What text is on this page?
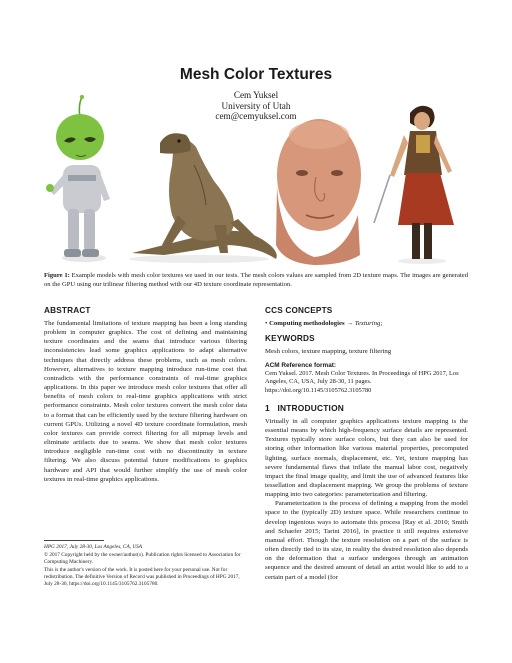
Mesh Color Textures
Cem Yuksel
University of Utah
cem@cemyuksel.com
Figure 1: Example models with mesh color textures we used in our tests. The mesh colors values are sampled from 2D texture maps. The images are generated on the GPU using our trilinear filtering method with our 4D texture coordinate representation.
ABSTRACT

The fundamental limitations of texture mapping has been a long standing problem in computer graphics. The cost of defining and maintaining texture coordinates and the seams that introduce various filtering inconsistencies lead some graphics applications to adapt alternative techniques that directly address these problems, such as mesh colors. However, alternatives to texture mapping introduce run-time cost that contradicts with the performance constraints of real-time graphics applications. In this paper we introduce mesh color textures that offer all benefits of mesh colors to real-time graphics applications with strict performance constraints. Mesh color textures convert the mesh color data to a format that can be efficiently used by the texture filtering hardware on current GPUs. Utilizing a novel 4D texture coordinate formulation, mesh color textures can provide correct filtering for all mipmap levels and eliminate artifacts due to seams. We show that mesh color textures introduce negligible run-time cost with no discontinuity in texture filtering. We also discuss potential future modifications to graphics hardware and API that would further simplify the use of mesh color textures in real-time graphics applications.

HPG 2017, July 28-30, Los Angeles, CA, USA

© 2017 Copyright held by the owner/author(s). Publication rights licensed to Association for Computing Machinery.

This is the author's version of the work. It is posted here for your personal use. Not for redistribution. The definitive Version of Record was published in Proceedings of HPG 2017, July 28-30, https://doi.org/10.1145/3105762.3105780.

CCS CONCEPTS

• Computing methodologies → Texturing;

KEYWORDS

Mesh colors, texture mapping, texture filtering

ACM Reference format:

Cem Yuksel. 2017. Mesh Color Textures. In Proceedings of HPG 2017, Los Angeles, CA, USA, July 28-30, 11 pages. https://doi.org/10.1145/3105762.3105780

1   INTRODUCTION

Virtually in all computer graphics applications texture mapping is the essential means by which high-frequency surface details are represented. Textures typically store surface colors, but they can also be used for storing other information like various material properties, precomputed lighting, surface normals, displacement, etc. Yet, texture mapping has severe fundamental flaws that inflate the manual labor cost, negatively impact the final image quality, and limit the use of advanced features like tessellation and displacement mapping. We group the problems of texture mapping into two categories: parameterization and filtering.

Parameterization is the process of defining a mapping from the model space to the (typically 2D) texture space. While researchers continue to develop ingenious ways to automate this process [Ray et al. 2010; Smith and Schaefer 2015; Tarini 2016], in practice it still requires extensive manual effort. Though the texture resolution on a part of the surface is often directly tied to its size, in reality the desired resolution also depends on the deformation that a surface undergoes through an animation sequence and the desired amount of detail an artist would like to add to a certain part of a model (for
